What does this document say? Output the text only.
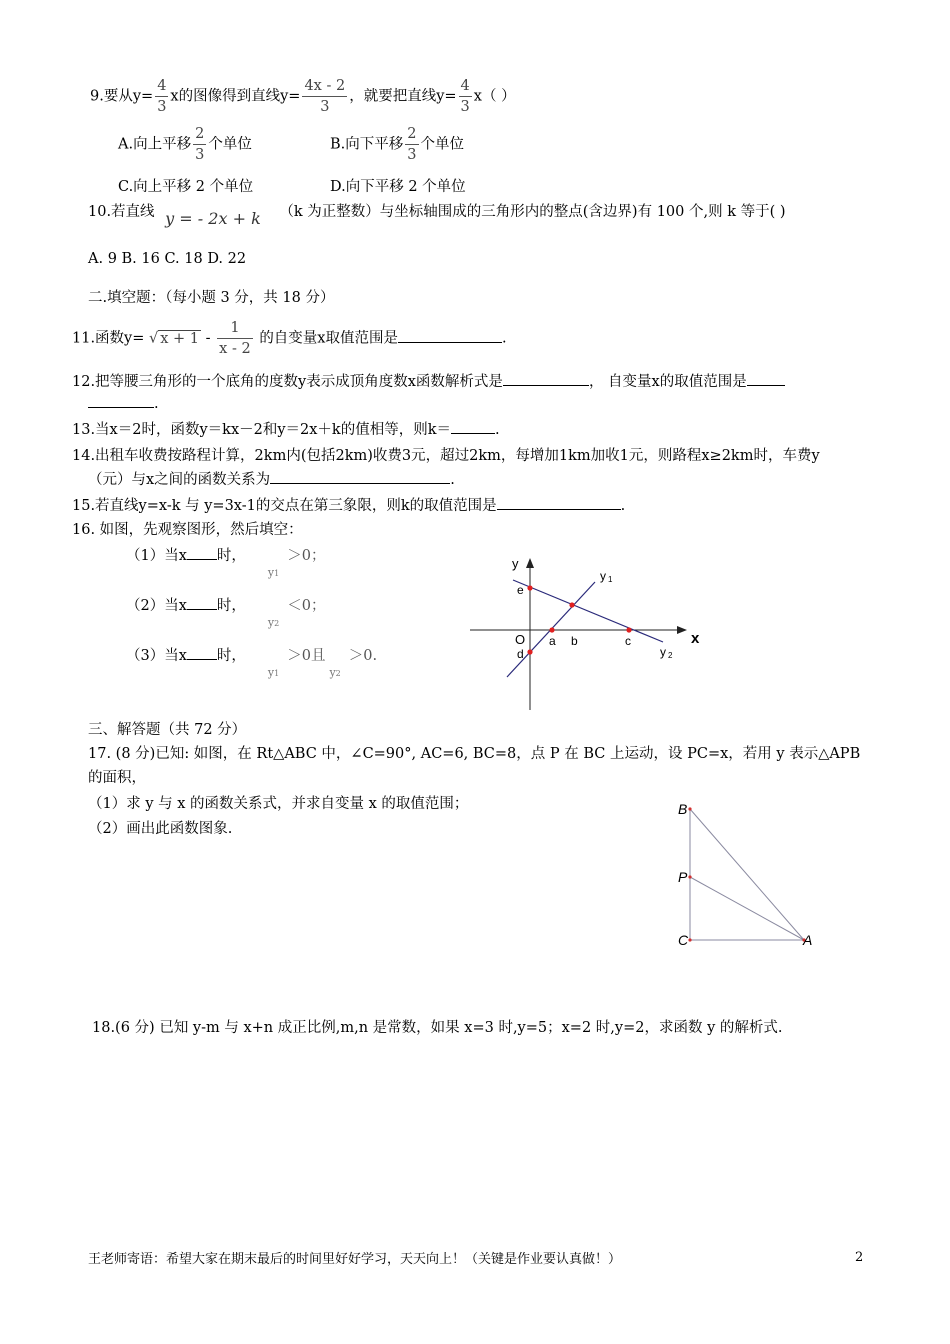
9.要从$y= \frac{4}{3}$ x的图像得到直线$y= \frac{4x - 2}{3}$ ，就要把直线$y= \frac{4}{3} x$（ ）
A.向上平移 $\frac{2}{3}$ 个单位	B.向下平移 $\frac{2}{3}$ 个单位
C.向上平移 2 个单位	D.向下平移 2 个单位
10.若直线 y = - 2x + k （k 为正整数）与坐标轴围成的三角形内的整点(含边界)有 100 个,则 k 等于( )
A. 9 B. 16 C. 18 D. 22
二.填空题：（每小题 3 分，共 18 分）
11.函数y= √ $x + 1 - \frac{1}{x - 2}$ 的自变量x取值范围是	.
12.把等腰三角形的一个底角的度数y表示成顶角度数x函数解析式是	， 自变量x的取值范围是
.
13.当x＝2时，函数y＝kx－2和y＝2x＋k的值相等，则k＝	.
14.出租车收费按路程计算，2km内(包括2km)收费3元，超过2km，每增加1km加收1元，则路程x≥2km时，车费y
（元）与x之间的函数关系为	.
15.若直线y=x-k 与 y=3x-1的交点在第三象限，则k的取值范围是	.
16. 如图，先观察图形，然后填空：
（1）当x 时，$_{y1}$＞0；
（2）当x 时，$_{y2}$＜0；
（3）当x 时，$_{y1}$＞0且$_{y2}$＞0.
y
x
O
y 1
y 2
e
d
a b	c
三、解答题（共 72 分）
17. (8 分)已知: 如图，在 Rt△ABC 中，∠C=90°, AC=6, BC=8，点 P 在 BC 上运动，设 PC=x，若用 y 表示△APB
的面积，
（1）求 y 与 x 的函数关系式，并求自变量 x 的取值范围；
（2）画出此函数图象.
B
P
C	A
18.(6 分) 已知 y-m 与 x+n 成正比例,m,n 是常数，如果 x=3 时,y=5；x=2 时,y=2，求函数 y 的解析式.
王老师寄语：希望大家在期末最后的时间里好好学习，天天向上！（关键是作业要认真做！）	2
